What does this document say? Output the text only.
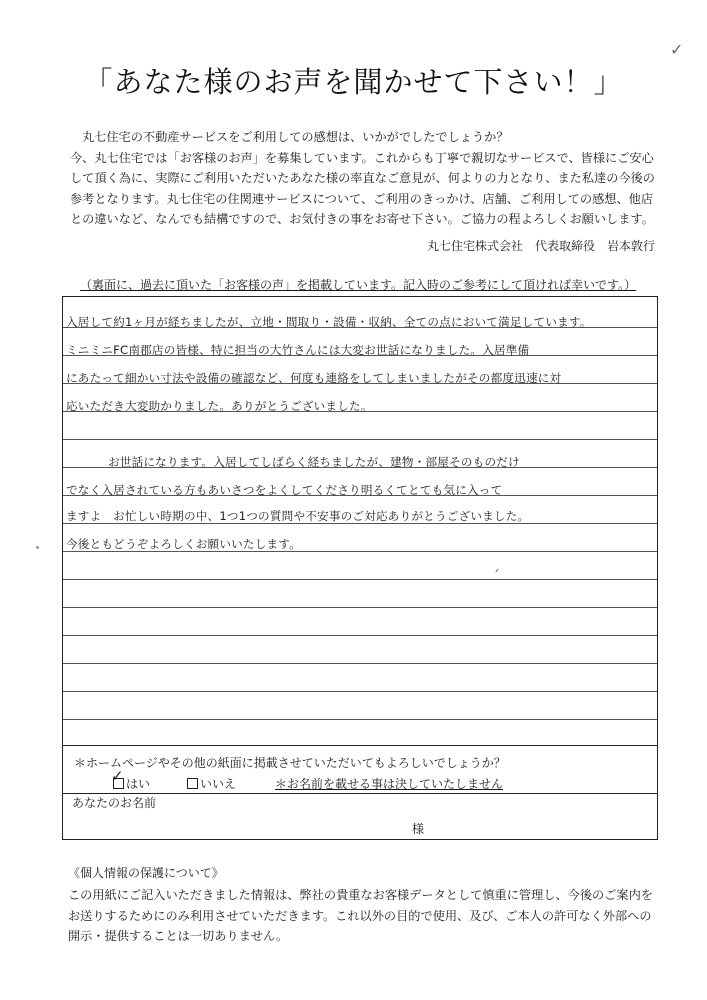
「あなた様のお声を聞かせて下さい！」
✓

丸七住宅の不動産サービスをご利用しての感想は、いかがでしたでしょうか？

今、丸七住宅では「お客様のお声」を募集しています。これからも丁寧で親切なサービスで、皆様にご安心

して頂く為に、実際にご利用いただいたあなた様の率直なご意見が、何よりの力となり、また私達の今後の

参考となります。丸七住宅の住関連サービスについて、ご利用のきっかけ、店舗、ご利用しての感想、他店

との違いなど、なんでも結構ですので、お気付きの事をお寄せ下さい。ご協力の程よろしくお願いします。

丸七住宅株式会社　代表取締役　岩本敦行
（裏面に、過去に頂いた「お客様の声」を掲載しています。記入時のご参考にして頂ければ幸いです。）
入居して約1ヶ月が経ちましたが、立地・間取り・設備・収納、全ての点において満足しています。
ミニミニFC南郡店の皆様、特に担当の大竹さんには大変お世話になりました。入居準備
にあたって細かい寸法や設備の確認など、何度も連絡をしてしまいましたがその都度迅速に対
応いただき大変助かりました。ありがとうございました。
お世話になります。入居してしばらく経ちましたが、建物・部屋そのものだけ
でなく入居されている方もあいさつをよくしてくださり明るくてとても気に入って
ますよ　お忙しい時期の中、1つ1つの質問や不安事のご対応ありがとうございました。
今後ともどうぞよろしくお願いいたします。
＊ホームページやその他の紙面に掲載させていただいてもよろしいでしょうか？
はい
✓	いいえ	＊お名前を載せる事は決していたしません
あなたのお名前
様
《個人情報の保護について》

この用紙にご記入いただきました情報は、弊社の貴重なお客様データとして慎重に管理し、今後のご案内を

お送りするためにのみ利用させていただきます。これ以外の目的で使用、及び、ご本人の許可なく外部への

開示・提供することは一切ありません。
